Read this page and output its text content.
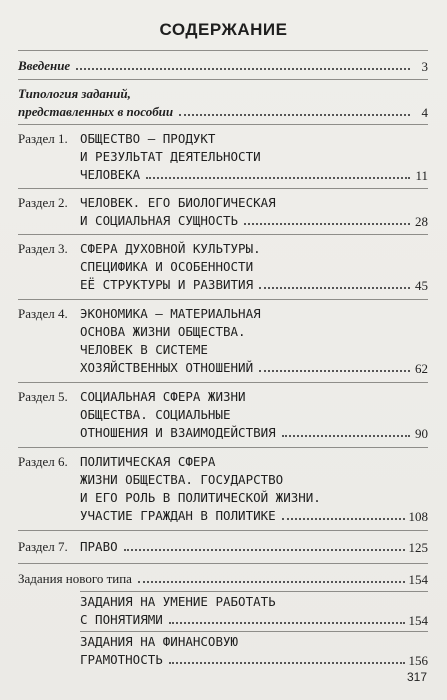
СОДЕРЖАНИЕ
Введение	3
Типология заданий,
представленных в пособии	4
Раздел 1. ОБЩЕСТВО — ПРОДУКТ
И РЕЗУЛЬТАТ ДЕЯТЕЛЬНОСТИ
ЧЕЛОВЕКА	11
Раздел 2. ЧЕЛОВЕК. ЕГО БИОЛОГИЧЕСКАЯ
И СОЦИАЛЬНАЯ СУЩНОСТЬ	28
Раздел 3. СФЕРА ДУХОВНОЙ КУЛЬТУРЫ.
СПЕЦИФИКА И ОСОБЕННОСТИ
ЕЁ СТРУКТУРЫ И РАЗВИТИЯ	45
Раздел 4. ЭКОНОМИКА — МАТЕРИАЛЬНАЯ
ОСНОВА ЖИЗНИ ОБЩЕСТВА.
ЧЕЛОВЕК В СИСТЕМЕ
ХОЗЯЙСТВЕННЫХ ОТНОШЕНИЙ	62
Раздел 5. СОЦИАЛЬНАЯ СФЕРА ЖИЗНИ
ОБЩЕСТВА. СОЦИАЛЬНЫЕ
ОТНОШЕНИЯ И ВЗАИМОДЕЙСТВИЯ	90
Раздел 6. ПОЛИТИЧЕСКАЯ СФЕРА
ЖИЗНИ ОБЩЕСТВА. ГОСУДАРСТВО
И ЕГО РОЛЬ В ПОЛИТИЧЕСКОЙ ЖИЗНИ.
УЧАСТИЕ ГРАЖДАН В ПОЛИТИКЕ	108
Раздел 7. ПРАВО	125
Задания нового типа	154
ЗАДАНИЯ НА УМЕНИЕ РАБОТАТЬ
С ПОНЯТИЯМИ	154
ЗАДАНИЯ НА ФИНАНСОВУЮ
ГРАМОТНОСТЬ	156
317
